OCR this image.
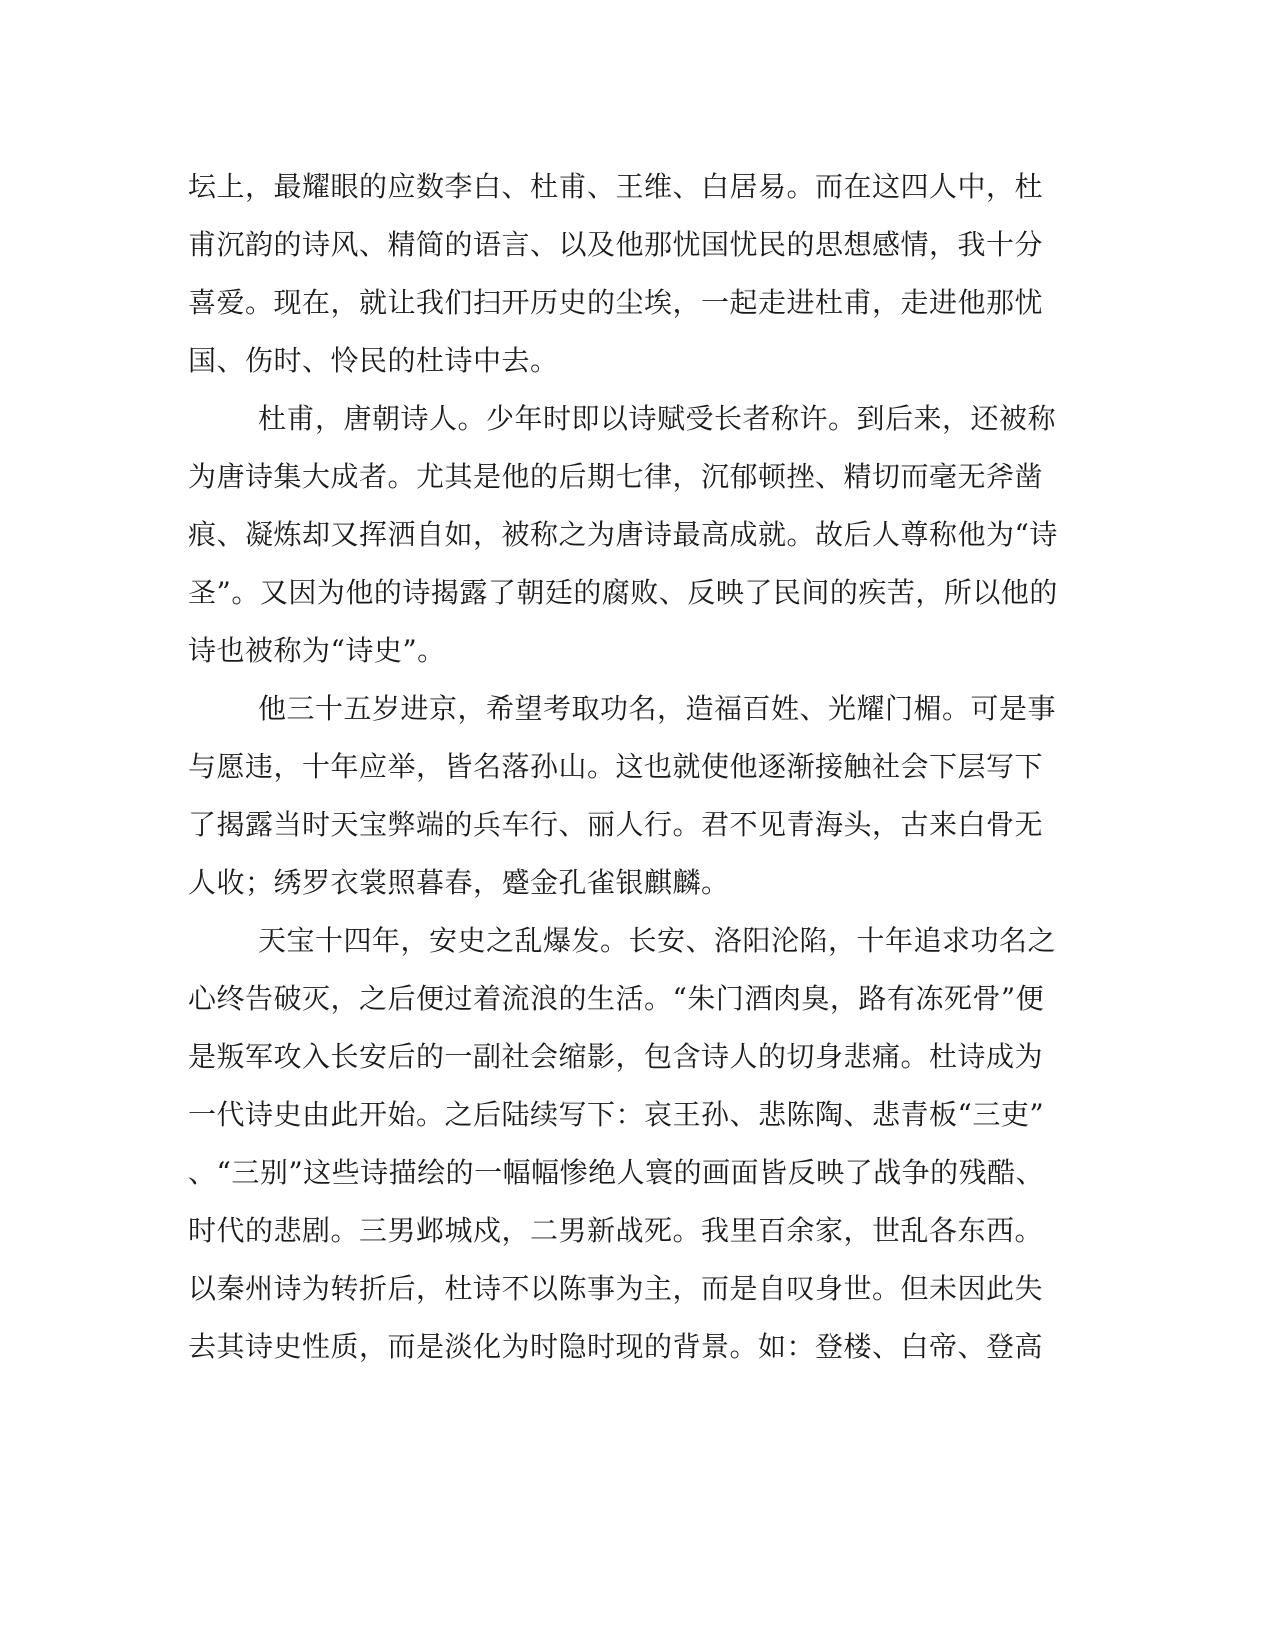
坛上，最耀眼的应数李白、杜甫、王维、白居易。而在这四人中，杜
甫沉韵的诗风、精简的语言、以及他那忧国忧民的思想感情，我十分
喜爱。现在，就让我们扫开历史的尘埃，一起走进杜甫，走进他那忧
国、伤时、怜民的杜诗中去。
杜甫，唐朝诗人。少年时即以诗赋受长者称许。到后来，还被称
为唐诗集大成者。尤其是他的后期七律，沉郁顿挫、精切而毫无斧凿
痕、凝炼却又挥洒自如，被称之为唐诗最高成就。故后人尊称他为“诗
圣”。又因为他的诗揭露了朝廷的腐败、反映了民间的疾苦，所以他的
诗也被称为“诗史”。
他三十五岁进京，希望考取功名，造福百姓、光耀门楣。可是事
与愿违，十年应举，皆名落孙山。这也就使他逐渐接触社会下层写下
了揭露当时天宝弊端的兵车行、丽人行。君不见青海头，古来白骨无
人收；绣罗衣裳照暮春，蹙金孔雀银麒麟。
天宝十四年，安史之乱爆发。长安、洛阳沦陷，十年追求功名之
心终告破灭，之后便过着流浪的生活。“朱门酒肉臭，路有冻死骨”便
是叛军攻入长安后的一副社会缩影，包含诗人的切身悲痛。杜诗成为
一代诗史由此开始。之后陆续写下：哀王孙、悲陈陶、悲青板“三吏”
、“三别”这些诗描绘的一幅幅惨绝人寰的画面皆反映了战争的残酷、
时代的悲剧。三男邺城戍，二男新战死。我里百余家，世乱各东西。
以秦州诗为转折后，杜诗不以陈事为主，而是自叹身世。但未因此失
去其诗史性质，而是淡化为时隐时现的背景。如：登楼、白帝、登高
